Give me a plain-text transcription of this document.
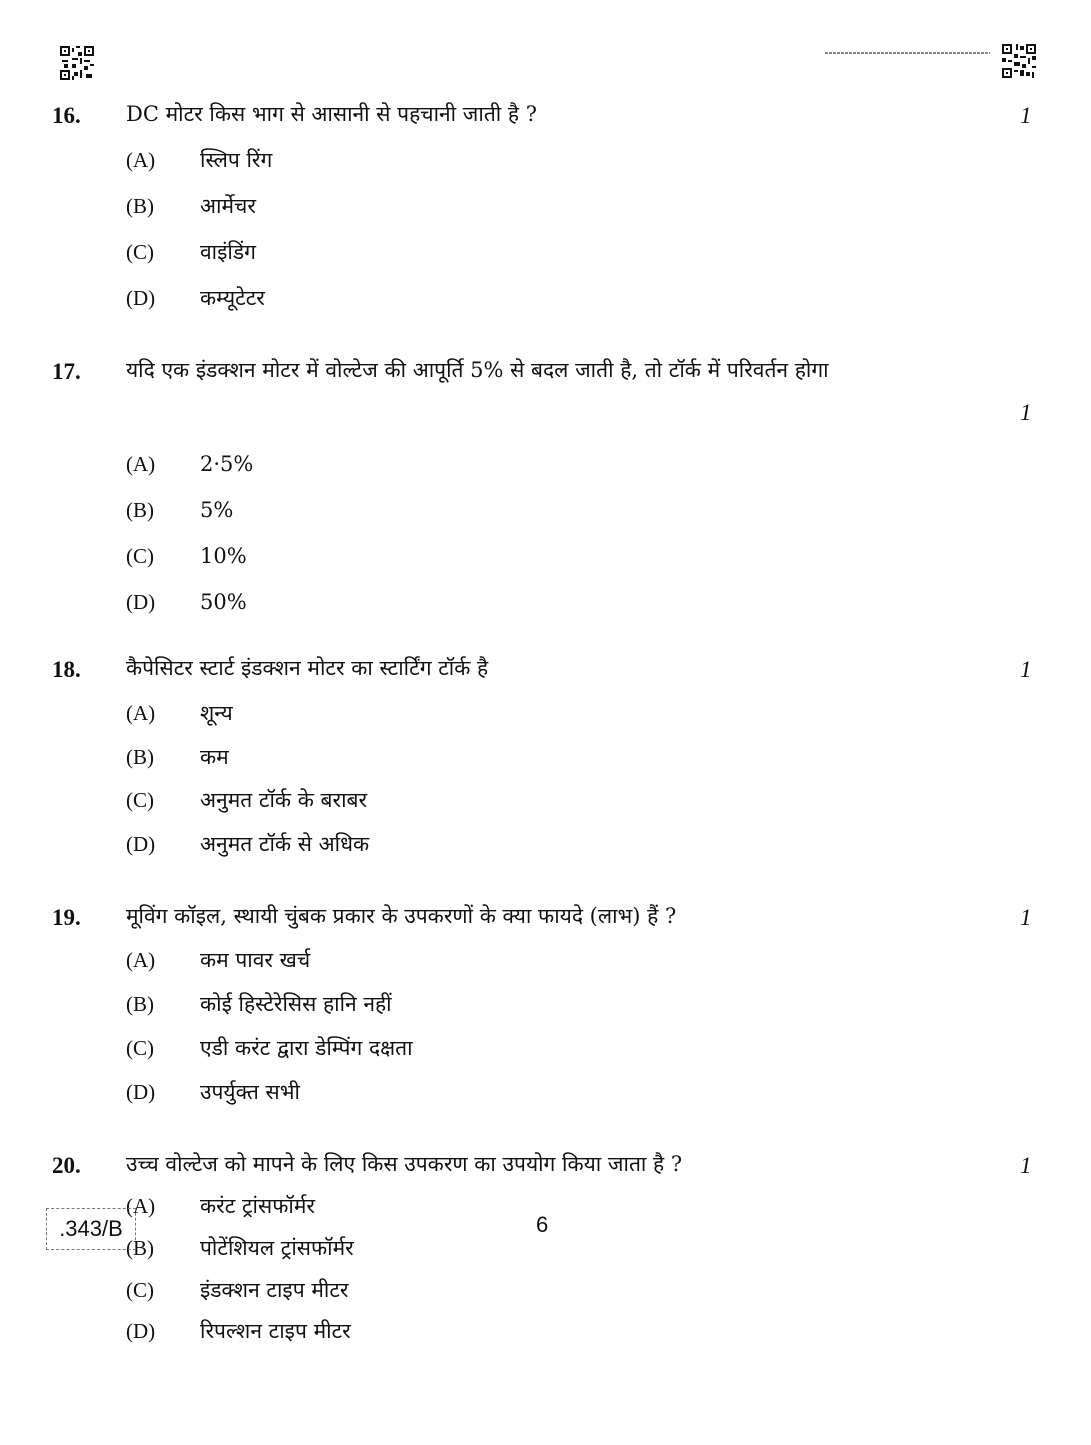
16. DC मोटर किस भाग से आसानी से पहचानी जाती है ?	1
(A)	स्लिप रिंग
(B)	आर्मेचर
(C)	वाइंडिंग
(D)	कम्यूटेटर
17. यदि एक इंडक्शन मोटर में वोल्टेज की आपूर्ति 5% से बदल जाती है, तो टॉर्क में परिवर्तन होगा
1
(A)	2·5%
(B)	5%
(C)	10%
(D)	50%
18. कैपेसिटर स्टार्ट इंडक्शन मोटर का स्टार्टिंग टॉर्क है	1
(A)	शून्य
(B)	कम
(C)	अनुमत टॉर्क के बराबर
(D)	अनुमत टॉर्क से अधिक
19. मूविंग कॉइल, स्थायी चुंबक प्रकार के उपकरणों के क्या फायदे (लाभ) हैं ?	1
(A)	कम पावर खर्च
(B)	कोई हिस्टेरेसिस हानि नहीं
(C)	एडी करंट द्वारा डेम्पिंग दक्षता
(D)	उपर्युक्त सभी
20. उच्च वोल्टेज को मापने के लिए किस उपकरण का उपयोग किया जाता है ?	1
(A)	करंट ट्रांसफॉर्मर
(B)	पोटेंशियल ट्रांसफॉर्मर
(C)	इंडक्शन टाइप मीटर
(D)	रिपल्शन टाइप मीटर
.343/B	6
